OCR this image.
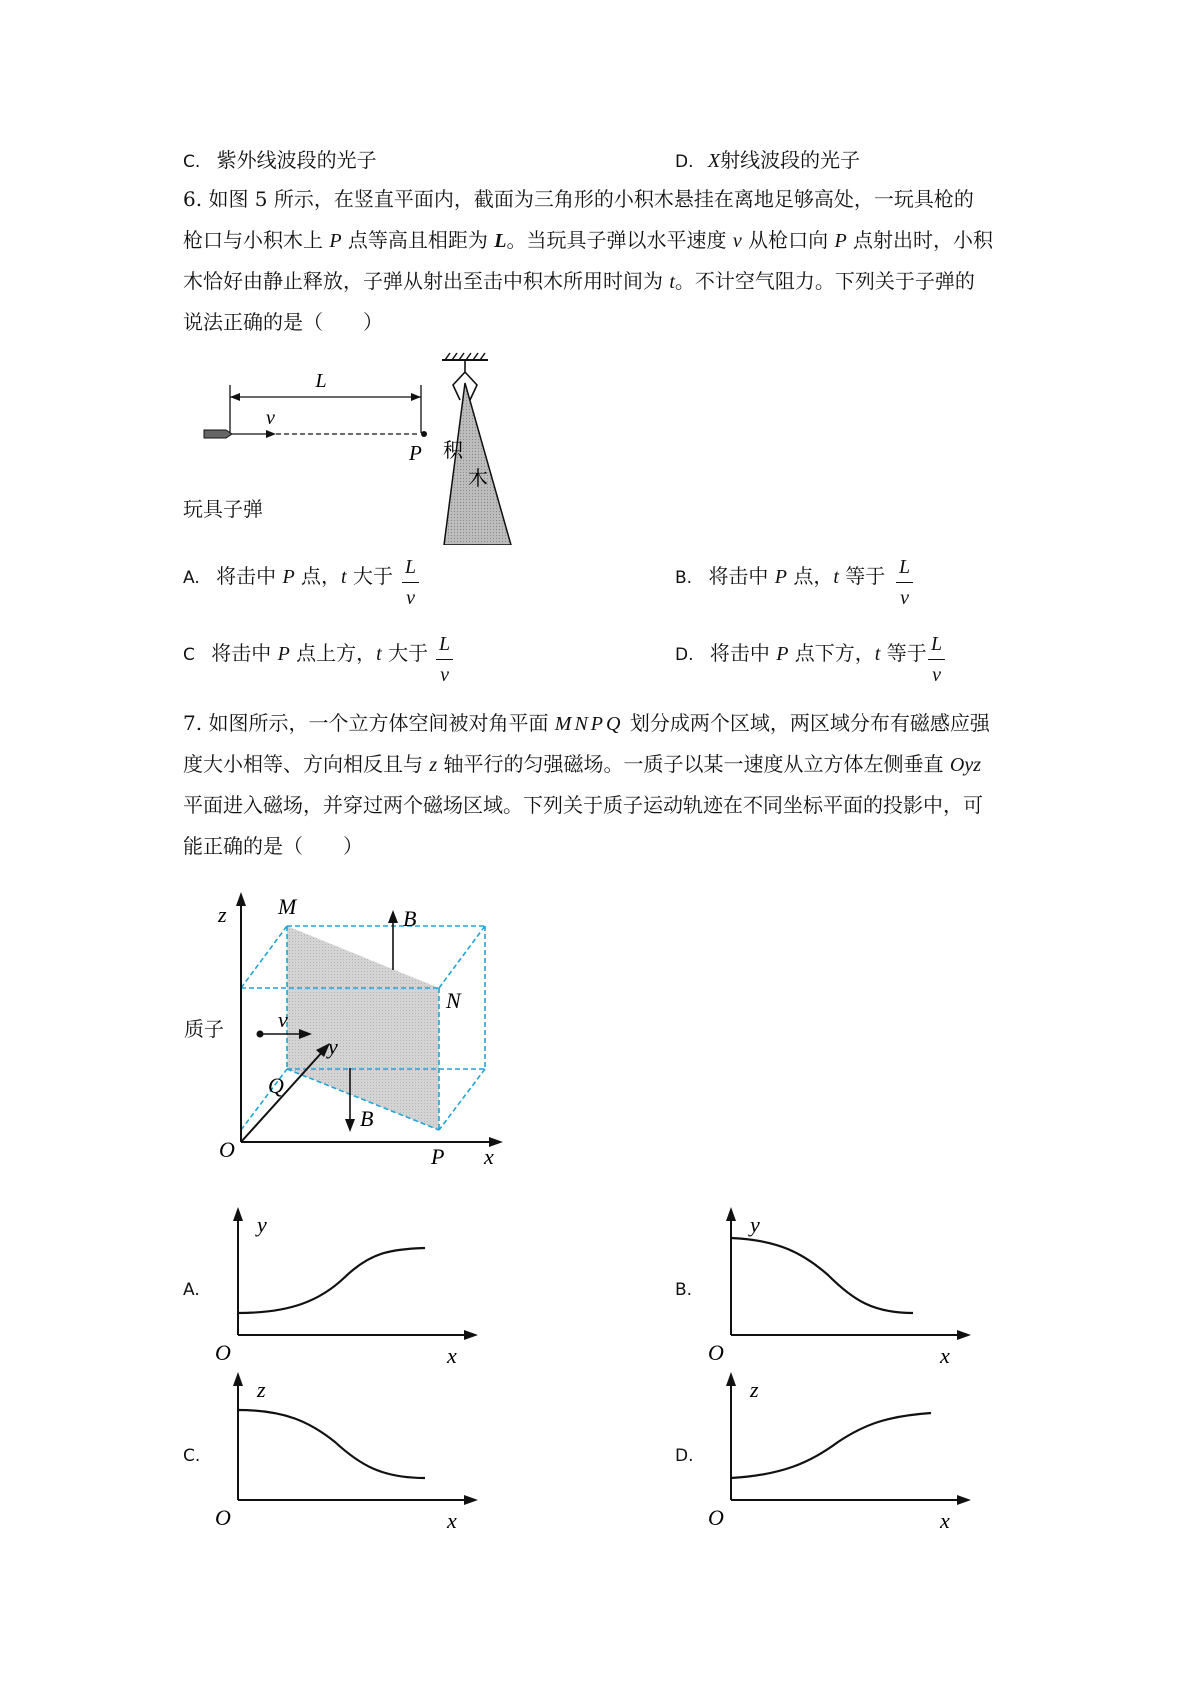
C. 紫外线波段的光子	D. X射线波段的光子
6. 如图 5 所示，在竖直平面内，截面为三角形的小积木悬挂在离地足够高处，一玩具枪的
枪口与小积木上 P 点等高且相距为 L。当玩具子弹以水平速度 v 从枪口向 P 点射出时，小积
木恰好由静止释放，子弹从射出至击中积木所用时间为 t。不计空气阻力。下列关于子弹的
说法正确的是（　　）
L
v
P 积
木
玩具子弹
A. 将击中 P 点，t 大于 $\frac{L}{v}$	B. 将击中 P 点，t 等于 $\frac{L}{v}$
C 将击中 P 点上方，t 大于 $\frac{L}{v}$	D. 将击中 P 点下方，t 等于 $\frac{L}{v}$
7. 如图所示，一个立方体空间被对角平面 MNPQ 划分成两个区域，两区域分布有磁感应强
度大小相等、方向相反且与 z 轴平行的匀强磁场。一质子以某一速度从立方体左侧垂直 Oyz
平面进入磁场，并穿过两个磁场区域。下列关于质子运动轨迹在不同坐标平面的投影中，可
能正确的是（　　）
z M	B
N
v
y
Q
B
O	P x
质子
A.
y
O	x
B.
y
O	x
C.
z
O	x
D.
z
O	x
